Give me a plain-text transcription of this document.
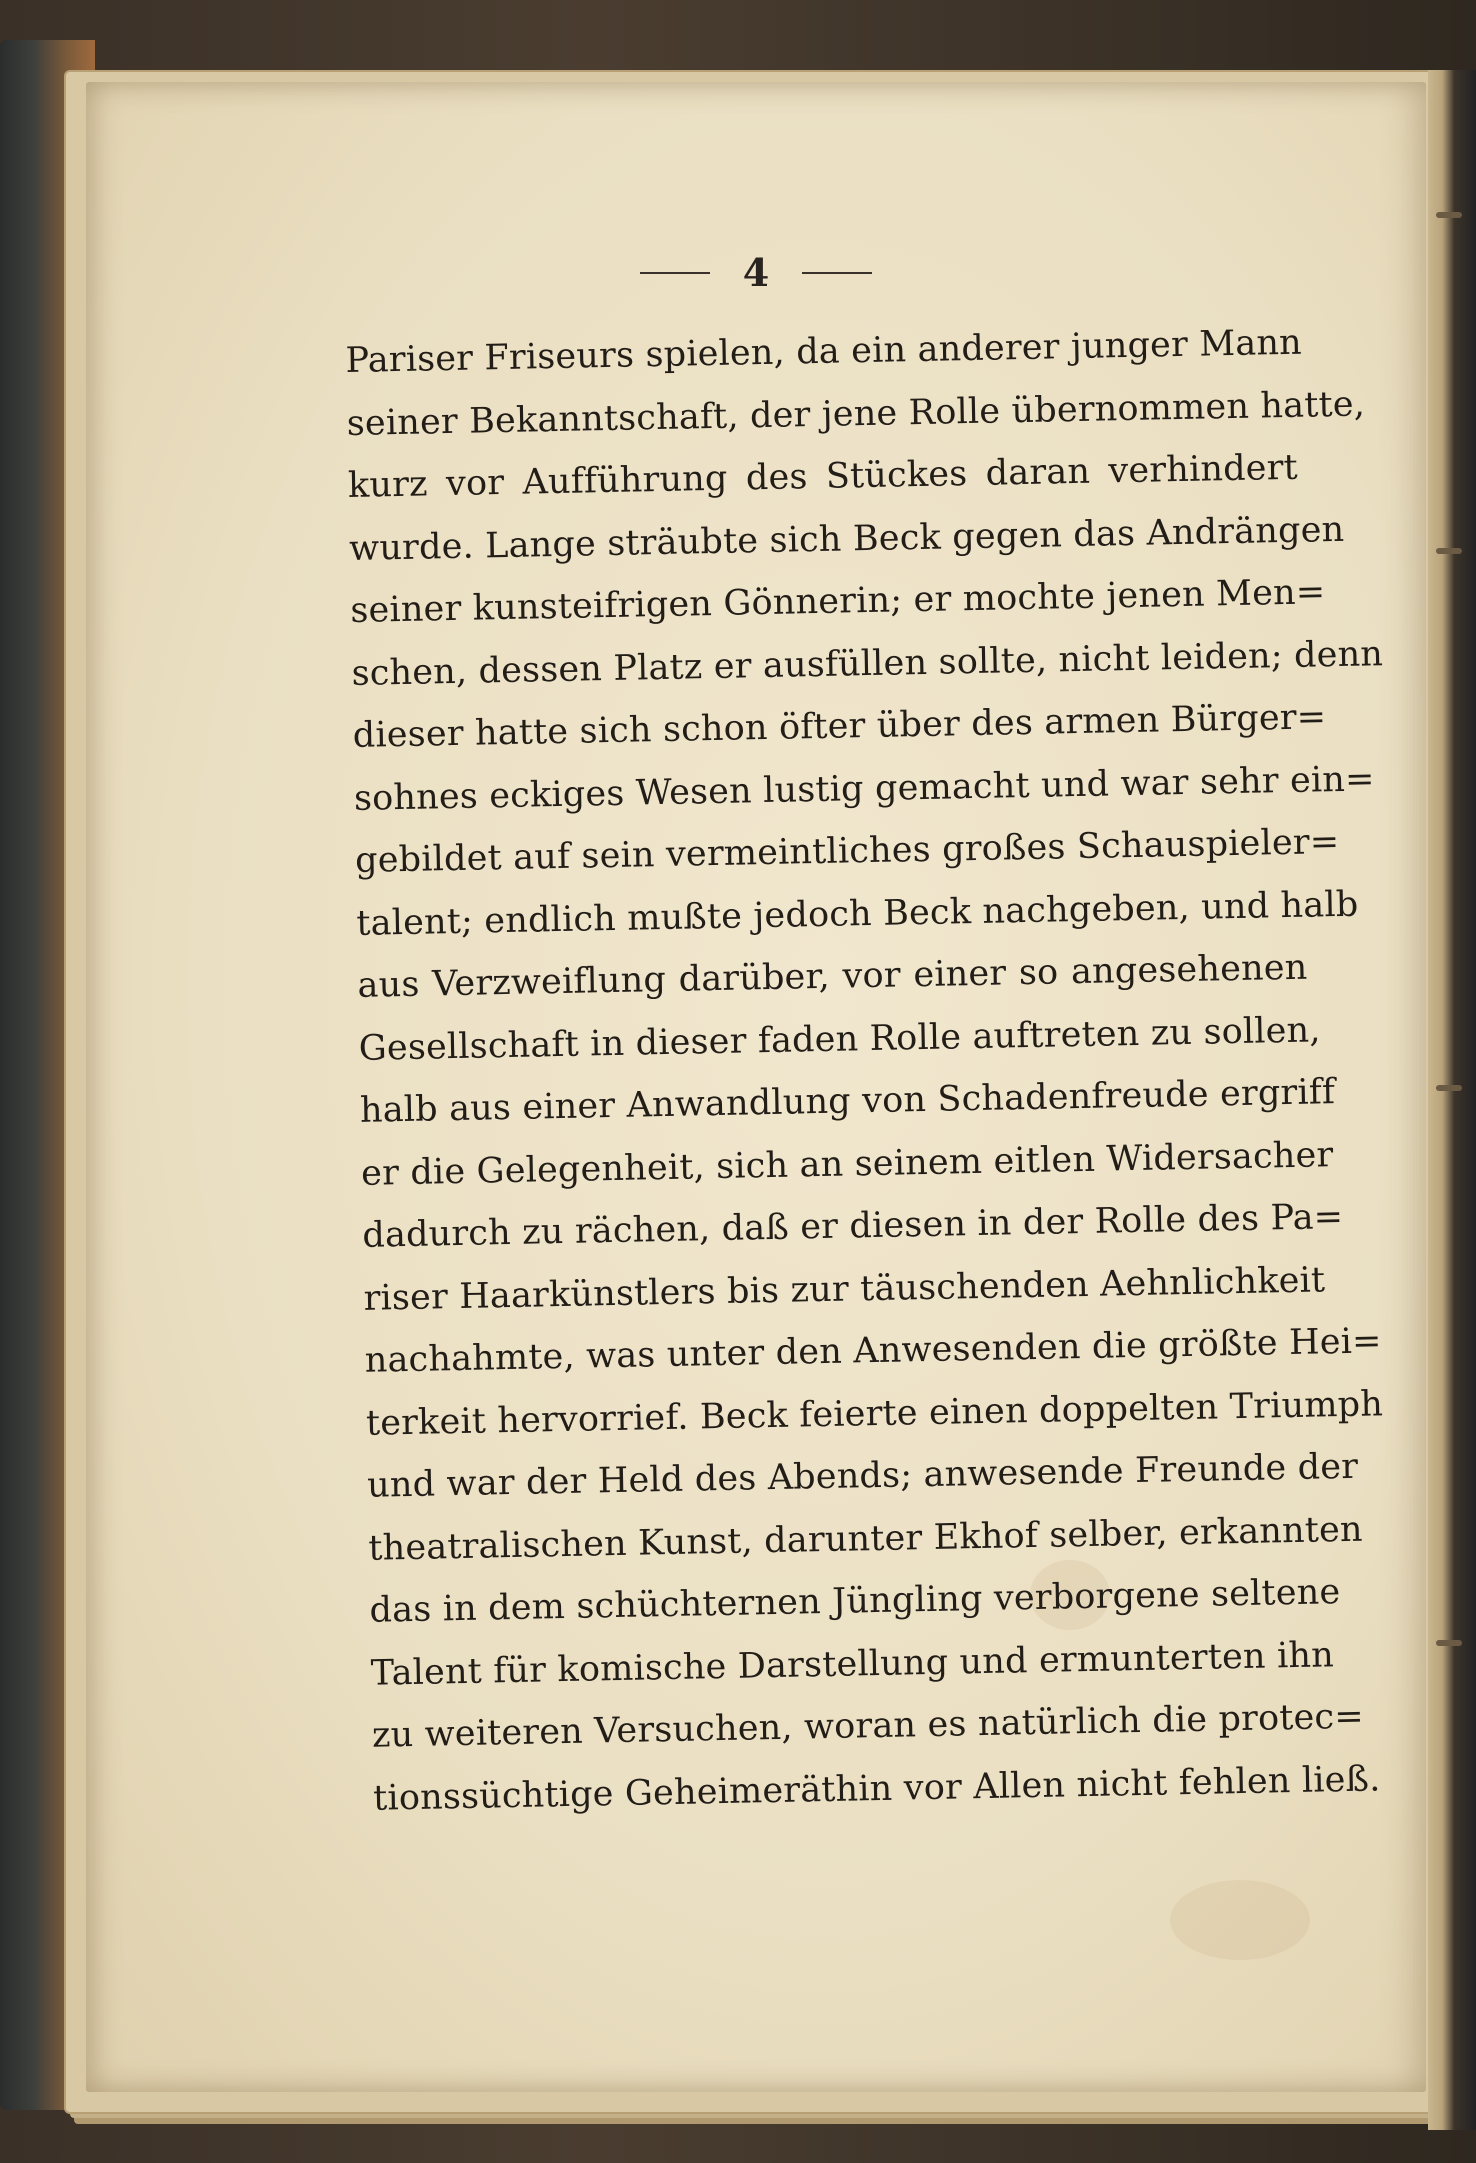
4
Pariser Friseurs spielen, da ein anderer junger Mann
seiner Bekanntschaft, der jene Rolle übernommen hatte,
kurz vor Aufführung des Stückes daran verhindert
wurde. Lange sträubte sich Beck gegen das Andrängen
seiner kunsteifrigen Gönnerin; er mochte jenen Men=
schen, dessen Platz er ausfüllen sollte, nicht leiden; denn
dieser hatte sich schon öfter über des armen Bürger=
sohnes eckiges Wesen lustig gemacht und war sehr ein=
gebildet auf sein vermeintliches großes Schauspieler=
talent; endlich mußte jedoch Beck nachgeben, und halb
aus Verzweiflung darüber, vor einer so angesehenen
Gesellschaft in dieser faden Rolle auftreten zu sollen,
halb aus einer Anwandlung von Schadenfreude ergriff
er die Gelegenheit, sich an seinem eitlen Widersacher
dadurch zu rächen, daß er diesen in der Rolle des Pa=
riser Haarkünstlers bis zur täuschenden Aehnlichkeit
nachahmte, was unter den Anwesenden die größte Hei=
terkeit hervorrief. Beck feierte einen doppelten Triumph
und war der Held des Abends; anwesende Freunde der
theatralischen Kunst, darunter Ekhof selber, erkannten
das in dem schüchternen Jüngling verborgene seltene
Talent für komische Darstellung und ermunterten ihn
zu weiteren Versuchen, woran es natürlich die protec=
tionssüchtige Geheimeräthin vor Allen nicht fehlen ließ.
